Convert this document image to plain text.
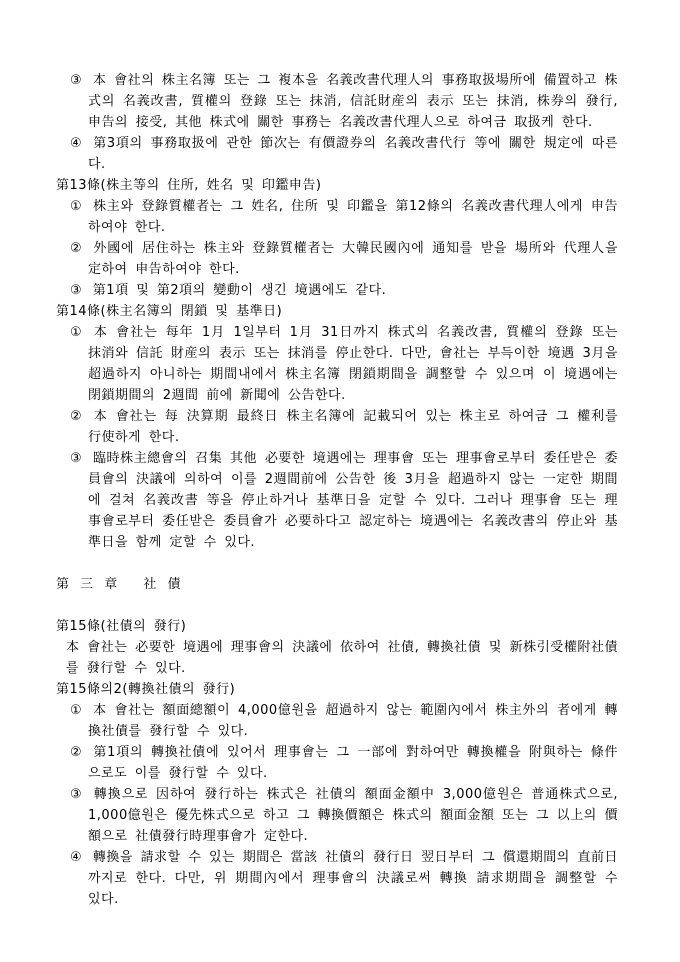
③ 本 會社의 株主名簿 또는 그 複本을 名義改書代理人의 事務取扱場所에 備置하고 株式의 名義改書, 質權의 登錄 또는 抹消, 信託財産의 表示 또는 抹消, 株券의 發行, 申告의 接受, 其他 株式에 關한 事務는 名義改書代理人으로 하여금 取扱케 한다.

④ 第3項의 事務取扱에 관한 節次는 有價證券의 名義改書代行 等에 關한 規定에 따른다.

第13條(株主等의 住所, 姓名 및 印鑑申告)

① 株主와 登錄質權者는 그 姓名, 住所 및 印鑑을 第12條의 名義改書代理人에게 申告하여야 한다.

② 外國에 居住하는 株主와 登錄質權者는 大韓民國內에 通知를 받을 場所와 代理人을 定하여 申告하여야 한다.

③ 第1項 및 第2項의 變動이 생긴 境遇에도 같다.

第14條(株主名簿의 閉鎖 및 基準日)

① 本 會社는 每年 1月 1일부터 1月 31日까지 株式의 名義改書, 質權의 登錄 또는 抹消와 信託 財産의 表示 또는 抹消를 停止한다. 다만, 會社는 부득이한 境遇 3月을 超過하지 아니하는 期間내에서 株主名簿 閉鎖期間을 調整할 수 있으며 이 境遇에는 閉鎖期間의 2週間 前에 新聞에 公告한다.

② 本 會社는 每 決算期 最終日 株主名簿에 記載되어 있는 株主로 하여금 그 權利를 行使하게 한다.

③ 臨時株主總會의 召集 其他 必要한 境遇에는 理事會 또는 理事會로부터 委任받은 委員會의 決議에 의하여 이를 2週間前에 公告한 後 3月을 超過하지 않는 一定한 期間에 걸쳐 名義改書 等을 停止하거나 基準日을 定할 수 있다. 그러나 理事會 또는 理事會로부터 委任받은 委員會가 必要하다고 認定하는 境遇에는 名義改書의 停止와 基準日을 함께 定할 수 있다.

第 三 章　 社 債

第15條(社債의 發行)

本 會社는 必要한 境遇에 理事會의 決議에 依하여 社債, 轉換社債 및 新株引受權附社債를 發行할 수 있다.

第15條의2(轉換社債의 發行)

① 本 會社는 額面總額이 4,000億원을 超過하지 않는 範圍內에서 株主外의 者에게 轉換社債를 發行할 수 있다.

② 第1項의 轉換社債에 있어서 理事會는 그 一部에 對하여만 轉換權을 附與하는 條件으로도 이를 發行할 수 있다.

③ 轉換으로 因하여 發行하는 株式은 社債의 額面金額中 3,000億원은 普通株式으로, 1,000億원은 優先株式으로 하고 그 轉換價額은 株式의 額面金額 또는 그 以上의 價額으로 社債發行時理事會가 定한다.

④ 轉換을 請求할 수 있는 期間은 當該 社債의 發行日 翌日부터 그 償還期間의 直前日까지로 한다. 다만, 위 期間內에서 理事會의 決議로써 轉換 請求期間을 調整할 수 있다.
